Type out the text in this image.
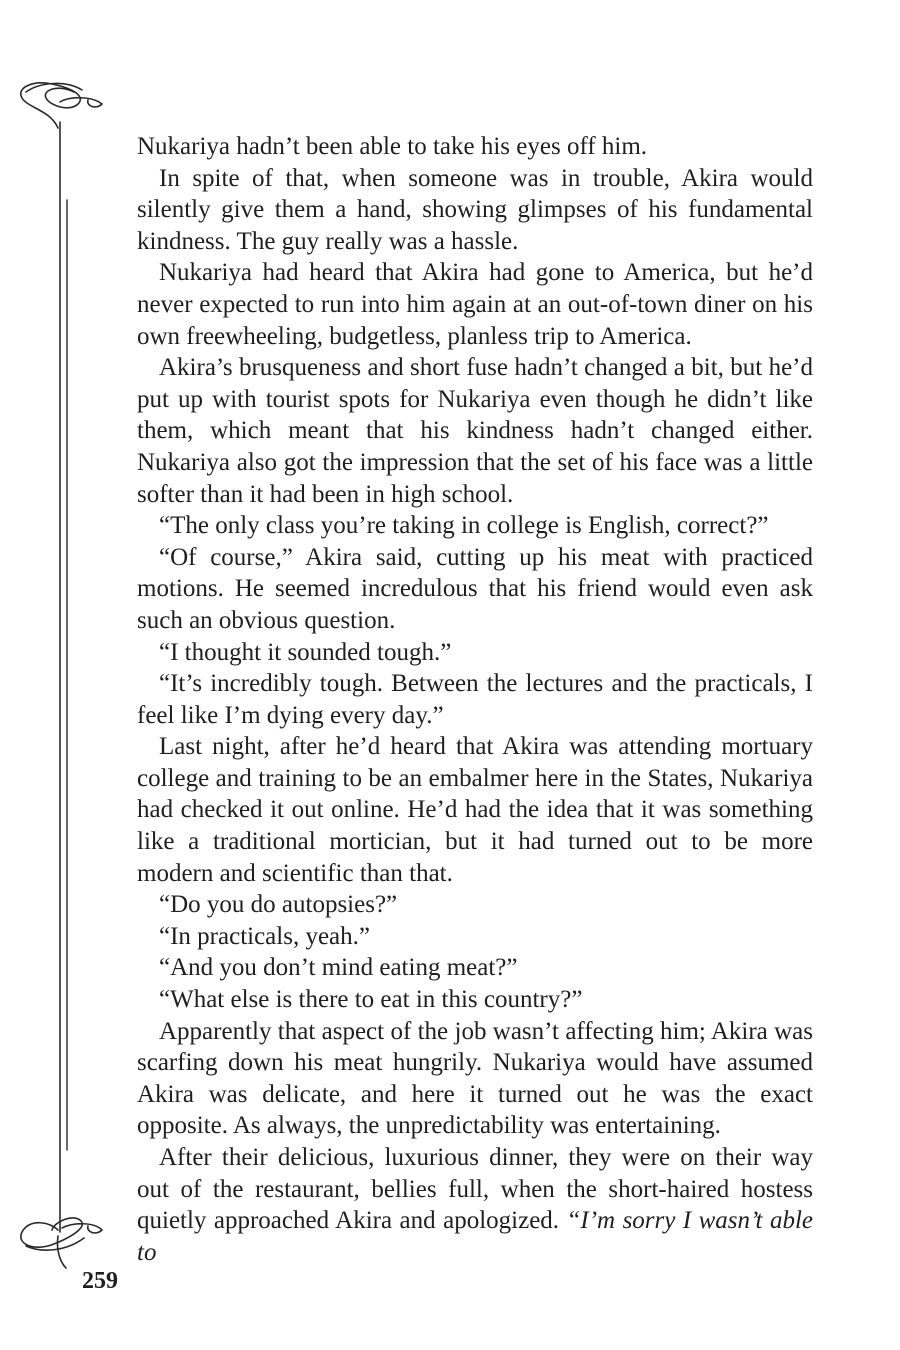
Nukariya hadn’t been able to take his eyes off him.

In spite of that, when someone was in trouble, Akira would silently give them a hand, showing glimpses of his fundamental kindness. The guy really was a hassle.

Nukariya had heard that Akira had gone to America, but he’d never expected to run into him again at an out-of-town diner on his own freewheeling, budgetless, planless trip to America.

Akira’s brusqueness and short fuse hadn’t changed a bit, but he’d put up with tourist spots for Nukariya even though he didn’t like them, which meant that his kindness hadn’t changed either. Nukariya also got the impression that the set of his face was a little softer than it had been in high school.

“The only class you’re taking in college is English, correct?”

“Of course,” Akira said, cutting up his meat with practiced motions. He seemed incredulous that his friend would even ask such an obvious question.

“I thought it sounded tough.”

“It’s incredibly tough. Between the lectures and the practicals, I feel like I’m dying every day.”

Last night, after he’d heard that Akira was attending mortuary college and training to be an embalmer here in the States, Nukariya had checked it out online. He’d had the idea that it was something like a traditional mortician, but it had turned out to be more modern and scientific than that.

“Do you do autopsies?”

“In practicals, yeah.”

“And you don’t mind eating meat?”

“What else is there to eat in this country?”

Apparently that aspect of the job wasn’t affecting him; Akira was scarfing down his meat hungrily. Nukariya would have assumed Akira was delicate, and here it turned out he was the exact opposite. As always, the unpredictability was entertaining.

After their delicious, luxurious dinner, they were on their way out of the restaurant, bellies full, when the short-haired hostess quietly approached Akira and apologized. “I’m sorry I wasn’t able to

259
